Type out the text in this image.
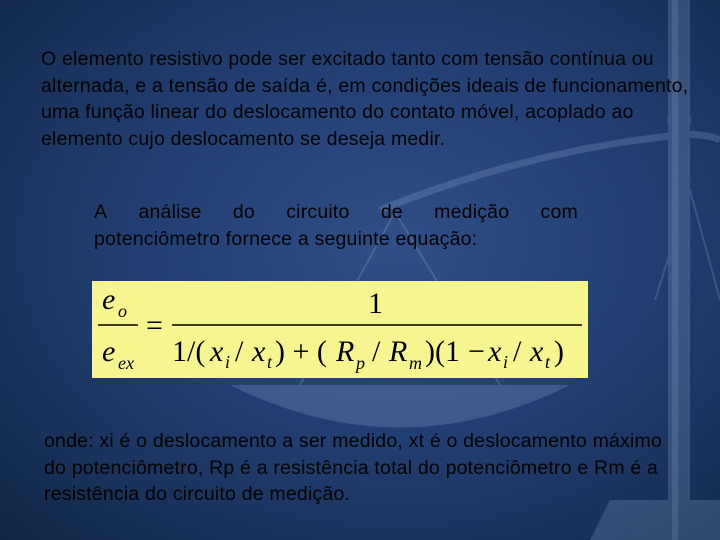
O elemento resistivo pode ser excitado tanto com tensão contínua ou alternada, e a tensão de saída é, em condições ideais de funcionamento, uma função linear do deslocamento do contato móvel, acoplado ao elemento cujo deslocamento se deseja medir.
A análise do circuito de medição com
potenciômetro fornece a seguinte equação:
e o
e ex
=
1
1/( x i / x t ) + ( R p / R m )(1 − x i / x t )
onde: xi é o deslocamento a ser medido, xt é o deslocamento máximo do potenciômetro, Rp é a resistência total do potenciômetro e Rm é a resistência do circuito de medição.
